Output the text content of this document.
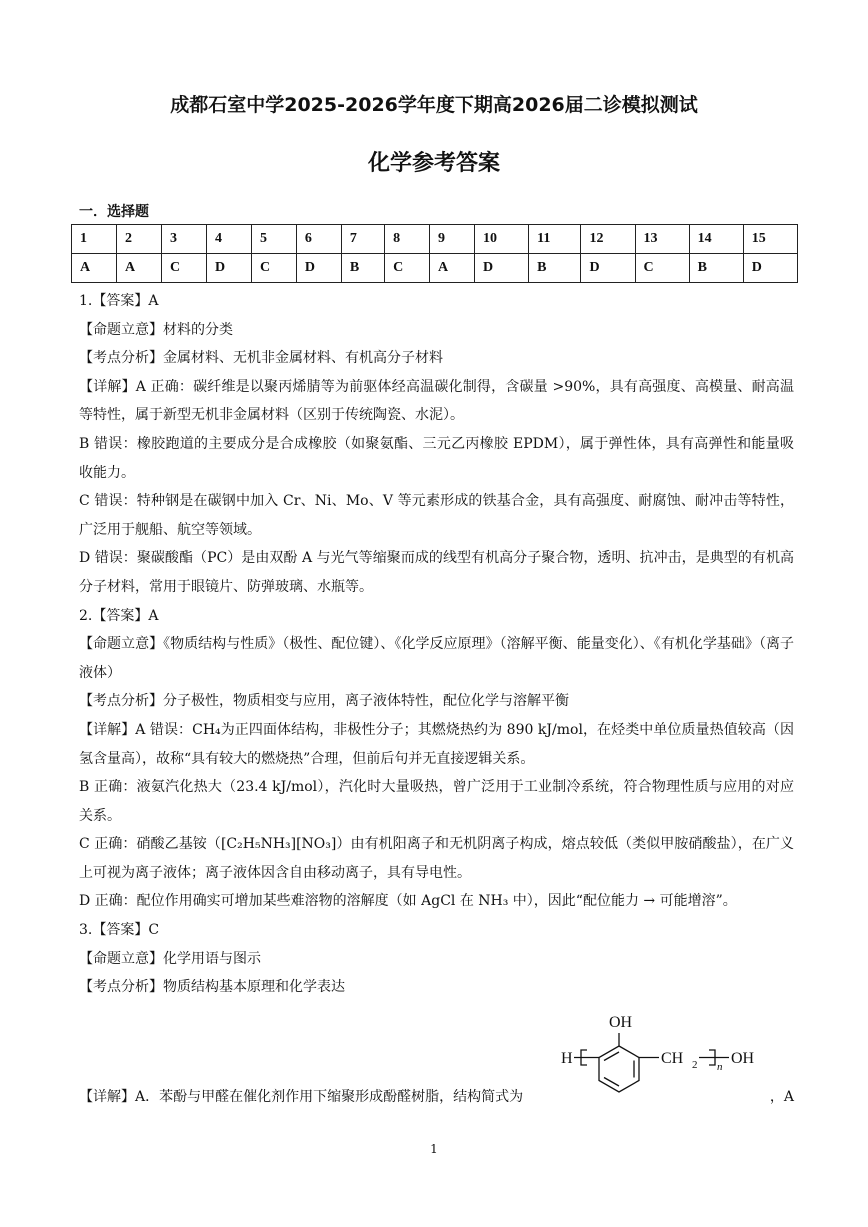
成都石室中学2025-2026学年度下期高2026届二诊模拟测试
化学参考答案
一．选择题
1	2	3	4	5	6	7	8	9	10	11	12	13	14	15
A	A	C	D	C	D	B	C	A	D	B	D	C	B	D

1.【答案】A

【命题立意】材料的分类

【考点分析】金属材料、无机非金属材料、有机高分子材料

【详解】A 正确：碳纤维是以聚丙烯腈等为前驱体经高温碳化制得，含碳量 >90%，具有高强度、高模量、耐高温等特性，属于新型无机非金属材料（区别于传统陶瓷、水泥）。

B 错误：橡胶跑道的主要成分是合成橡胶（如聚氨酯、三元乙丙橡胶 EPDM），属于弹性体，具有高弹性和能量吸收能力。

C 错误：特种钢是在碳钢中加入 Cr、Ni、Mo、V 等元素形成的铁基合金，具有高强度、耐腐蚀、耐冲击等特性，广泛用于舰船、航空等领域。

D 错误：聚碳酸酯（PC）是由双酚 A 与光气等缩聚而成的线型有机高分子聚合物，透明、抗冲击，是典型的有机高分子材料，常用于眼镜片、防弹玻璃、水瓶等。

2.【答案】A

【命题立意】《物质结构与性质》（极性、配位键）、《化学反应原理》（溶解平衡、能量变化）、《有机化学基础》（离子液体）

【考点分析】分子极性，物质相变与应用，离子液体特性，配位化学与溶解平衡

【详解】A 错误：CH₄为正四面体结构，非极性分子；其燃烧热约为 890 kJ/mol，在烃类中单位质量热值较高（因氢含量高），故称“具有较大的燃烧热”合理，但前后句并无直接逻辑关系。

B 正确：液氨汽化热大（23.4 kJ/mol），汽化时大量吸热，曾广泛用于工业制冷系统，符合物理性质与应用的对应关系。

C 正确：硝酸乙基铵（[C₂H₅NH₃][NO₃]）由有机阳离子和无机阴离子构成，熔点较低（类似甲胺硝酸盐），在广义上可视为离子液体；离子液体因含自由移动离子，具有导电性。

D 正确：配位作用确实可增加某些难溶物的溶解度（如 AgCl 在 NH₃ 中），因此“配位能力 → 可能增溶”。

3.【答案】C

【命题立意】化学用语与图示

【考点分析】物质结构基本原理和化学表达

【详解】A．苯酚与甲醛在催化剂作用下缩聚形成酚醛树脂，结构简式为
OH
H	CH 2 n OH
，A
1
